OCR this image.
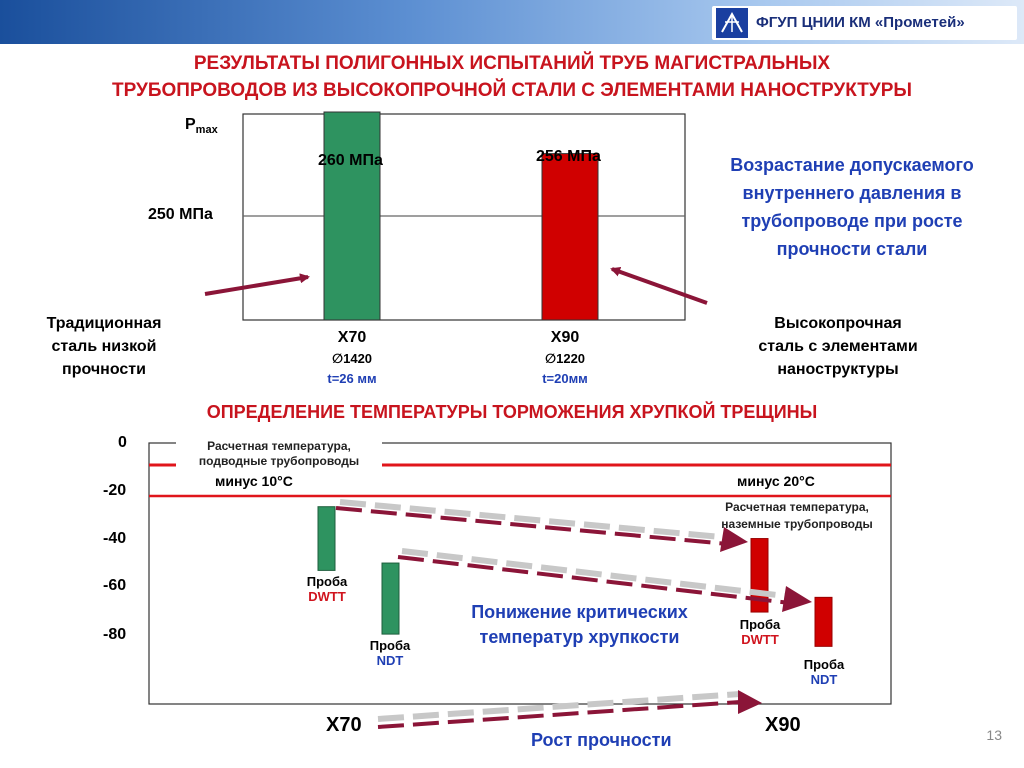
ФГУП ЦНИИ КМ «Прометей»
РЕЗУЛЬТАТЫ ПОЛИГОННЫХ ИСПЫТАНИЙ ТРУБ МАГИСТРАЛЬНЫХ
ТРУБОПРОВОДОВ ИЗ ВЫСОКОПРОЧНОЙ СТАЛИ С ЭЛЕМЕНТАМИ НАНОСТРУКТУРЫ
$P_{max}$
250 МПа
260 МПа	256 МПа
X70
∅1420
t=26 мм
X90
∅1220
t=20мм
Традиционная
сталь низкой
прочности
Высокопрочная
сталь с элементами
наноструктуры
Возрастание допускаемого
внутреннего давления в
трубопроводе при росте
прочности стали
ОПРЕДЕЛЕНИЕ ТЕМПЕРАТУРЫ ТОРМОЖЕНИЯ ХРУПКОЙ ТРЕЩИНЫ
0
-20
-40
-60
-80
Расчетная температура, подводные трубопроводы
минус 10°С	минус 20°С
Расчетная температура, наземные трубопроводы
Проба
DWTT
Проба
NDT
Проба
DWTT
Проба
NDT
Понижение критических
температур хрупкости
X70	X90
Рост прочности	13
